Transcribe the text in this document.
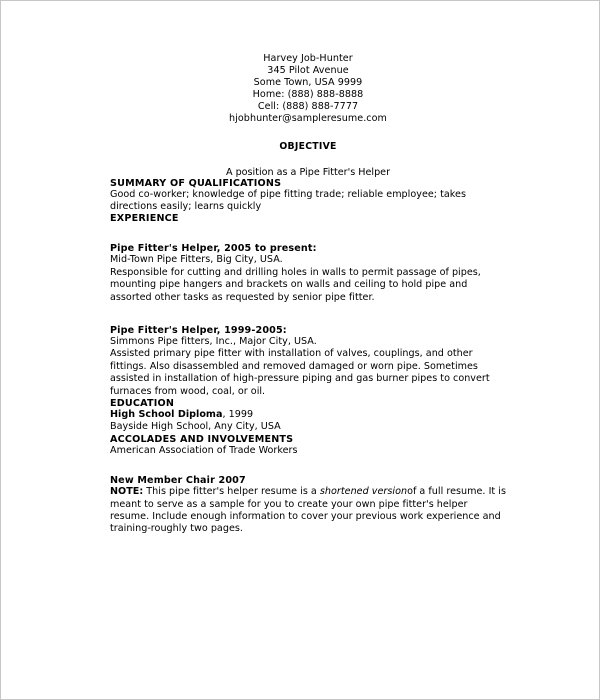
Harvey Job-Hunter
345 Pilot Avenue
Some Town, USA 9999
Home: (888) 888-8888
Cell: (888) 888-7777
hjobhunter@sampleresume.com
OBJECTIVE
A position as a Pipe Fitter's Helper
SUMMARY OF QUALIFICATIONS

Good co-worker; knowledge of pipe fitting trade; reliable employee; takes directions easily; learns quickly

EXPERIENCE
Pipe Fitter's Helper, 2005 to present:

Mid-Town Pipe Fitters, Big City, USA.

Responsible for cutting and drilling holes in walls to permit passage of pipes, mounting pipe hangers and brackets on walls and ceiling to hold pipe and assorted other tasks as requested by senior pipe fitter.

Pipe Fitter's Helper, 1999-2005:

Simmons Pipe fitters, Inc., Major City, USA.

Assisted primary pipe fitter with installation of valves, couplings, and other fittings. Also disassembled and removed damaged or worn pipe. Sometimes assisted in installation of high-pressure piping and gas burner pipes to convert furnaces from wood, coal, or oil.

EDUCATION

High School Diploma, 1999
Bayside High School, Any City, USA

ACCOLADES AND INVOLVEMENTS

American Association of Trade Workers

New Member Chair 2007

NOTE: This pipe fitter's helper resume is a shortened versionof a full resume. It is meant to serve as a sample for you to create your own pipe fitter's helper resume. Include enough information to cover your previous work experience and training-roughly two pages.
